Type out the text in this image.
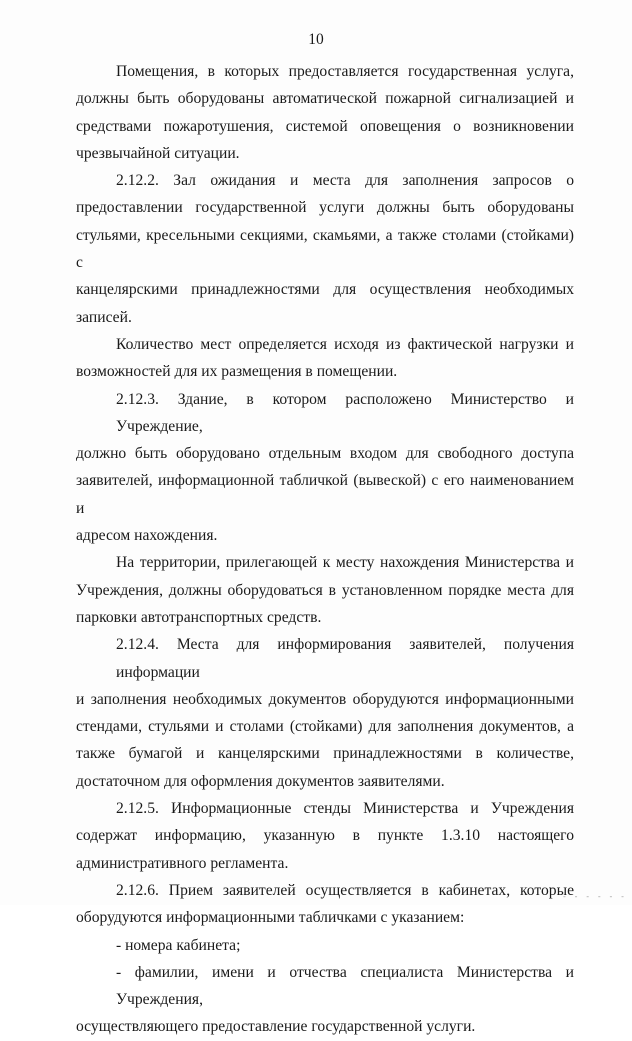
10
Помещения, в которых предоставляется государственная услуга,
должны быть оборудованы автоматической пожарной сигнализацией и
средствами пожаротушения, системой оповещения о возникновении
чрезвычайной ситуации.
2.12.2. Зал ожидания и места для заполнения запросов о
предоставлении государственной услуги должны быть оборудованы
стульями, кресельными секциями, скамьями, а также столами (стойками) с
канцелярскими принадлежностями для осуществления необходимых записей.
Количество мест определяется исходя из фактической нагрузки и
возможностей для их размещения в помещении.
2.12.3. Здание, в котором расположено Министерство и Учреждение,
должно быть оборудовано отдельным входом для свободного доступа
заявителей, информационной табличкой (вывеской) с его наименованием и
адресом нахождения.
На территории, прилегающей к месту нахождения Министерства и
Учреждения, должны оборудоваться в установленном порядке места для
парковки автотранспортных средств.
2.12.4. Места для информирования заявителей, получения информации
и заполнения необходимых документов оборудуются информационными
стендами, стульями и столами (стойками) для заполнения документов, а
также бумагой и канцелярскими принадлежностями в количестве,
достаточном для оформления документов заявителями.
2.12.5. Информационные стенды Министерства и Учреждения
содержат информацию, указанную в пункте 1.3.10 настоящего
административного регламента.
2.12.6. Прием заявителей осуществляется в кабинетах, которые
оборудуются информационными табличками с указанием:
- номера кабинета;
- фамилии, имени и отчества специалиста Министерства и Учреждения,
осуществляющего предоставление государственной услуги.
- - - - - -
